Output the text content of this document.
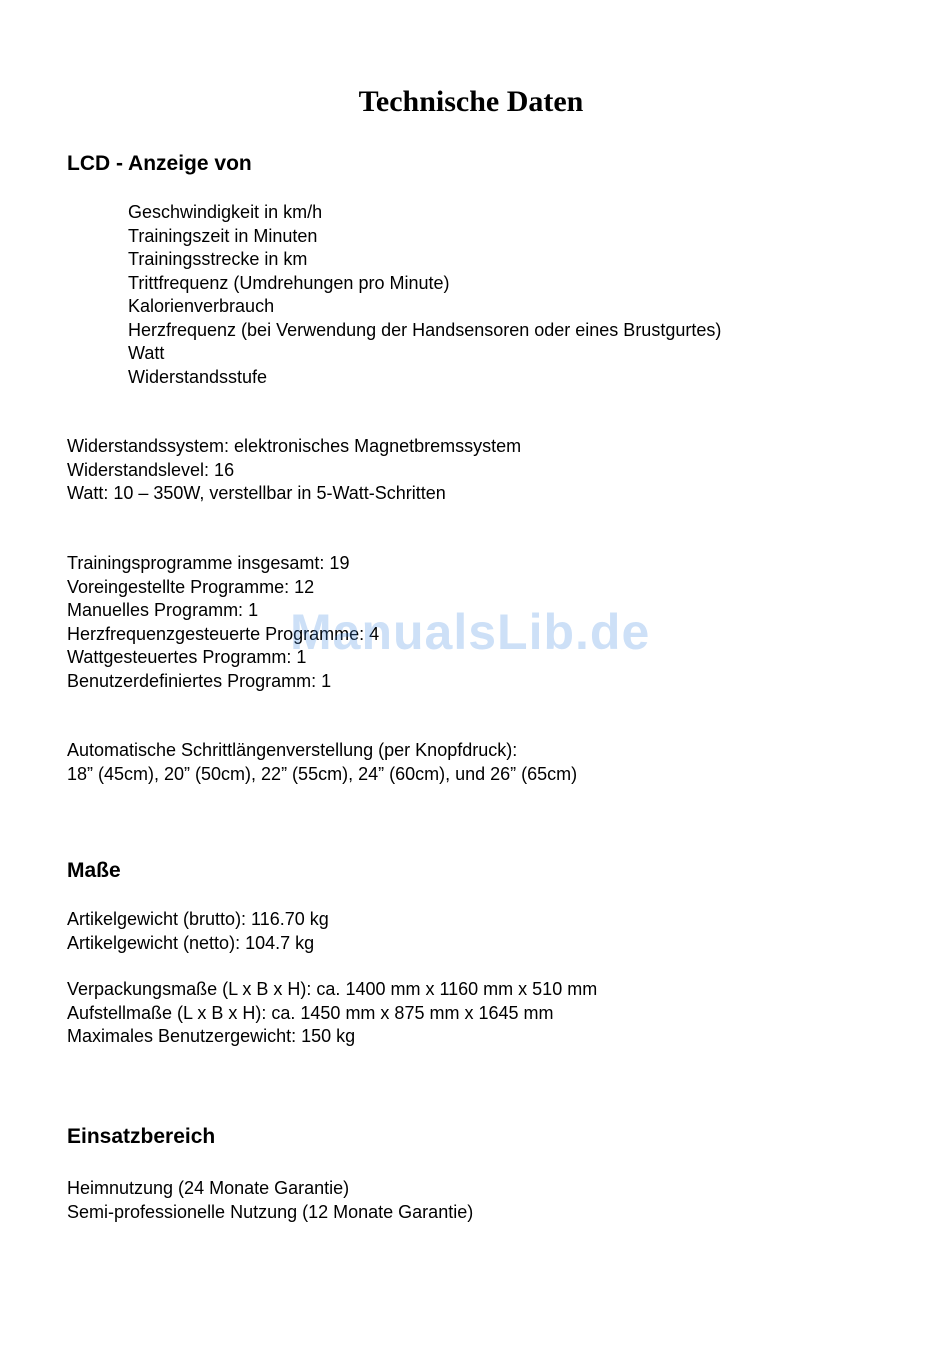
Technische Daten
LCD - Anzeige von
Geschwindigkeit in km/h
Trainingszeit in Minuten
Trainingsstrecke in km
Trittfrequenz (Umdrehungen pro Minute)
Kalorienverbrauch
Herzfrequenz (bei Verwendung der Handsensoren oder eines Brustgurtes)
Watt
Widerstandsstufe
Widerstandssystem: elektronisches Magnetbremssystem
Widerstandslevel: 16
Watt: 10 – 350W, verstellbar in 5-Watt-Schritten
Trainingsprogramme insgesamt: 19
Voreingestellte Programme: 12
Manuelles Programm: 1
Herzfrequenzgesteuerte Programme: 4
Wattgesteuertes Programm: 1
Benutzerdefiniertes Programm: 1
Automatische Schrittlängenverstellung (per Knopfdruck):
18” (45cm), 20” (50cm), 22” (55cm), 24” (60cm), und 26” (65cm)
Maße
Artikelgewicht (brutto): 116.70 kg
Artikelgewicht (netto): 104.7 kg
Verpackungsmaße (L x B x H): ca. 1400 mm x 1160 mm x 510 mm
Aufstellmaße (L x B x H): ca. 1450 mm x 875 mm x 1645 mm
Maximales Benutzergewicht: 150 kg
Einsatzbereich
Heimnutzung (24 Monate Garantie)
Semi-professionelle Nutzung (12 Monate Garantie)
ManualsLib.de
